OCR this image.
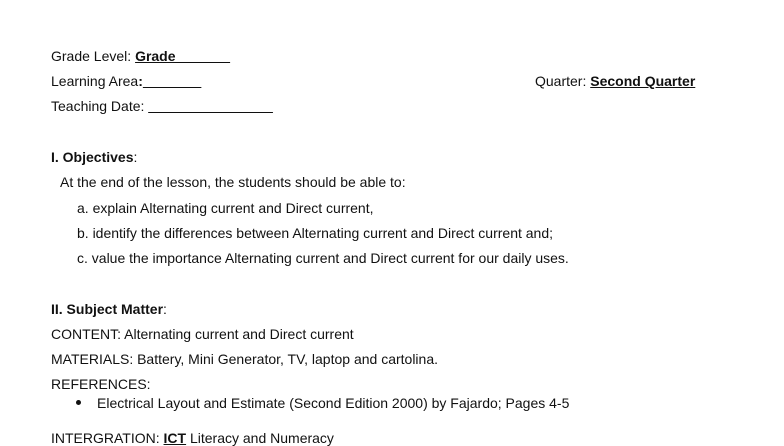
Grade Level: Grade_______
Learning Area: _______	Quarter: Second Quarter
Teaching Date: ________________
I. Objectives:
At the end of the lesson, the students should be able to:
a. explain Alternating current and Direct current,
b. identify the differences between Alternating current and Direct current and;
c. value the importance Alternating current and Direct current for our daily uses.
II. Subject Matter:
CONTENT: Alternating current and Direct current
MATERIALS: Battery, Mini Generator, TV, laptop and cartolina.
REFERENCES:
Electrical Layout and Estimate (Second Edition 2000) by Fajardo; Pages 4-5
INTERGRATION: ICT Literacy and Numeracy
